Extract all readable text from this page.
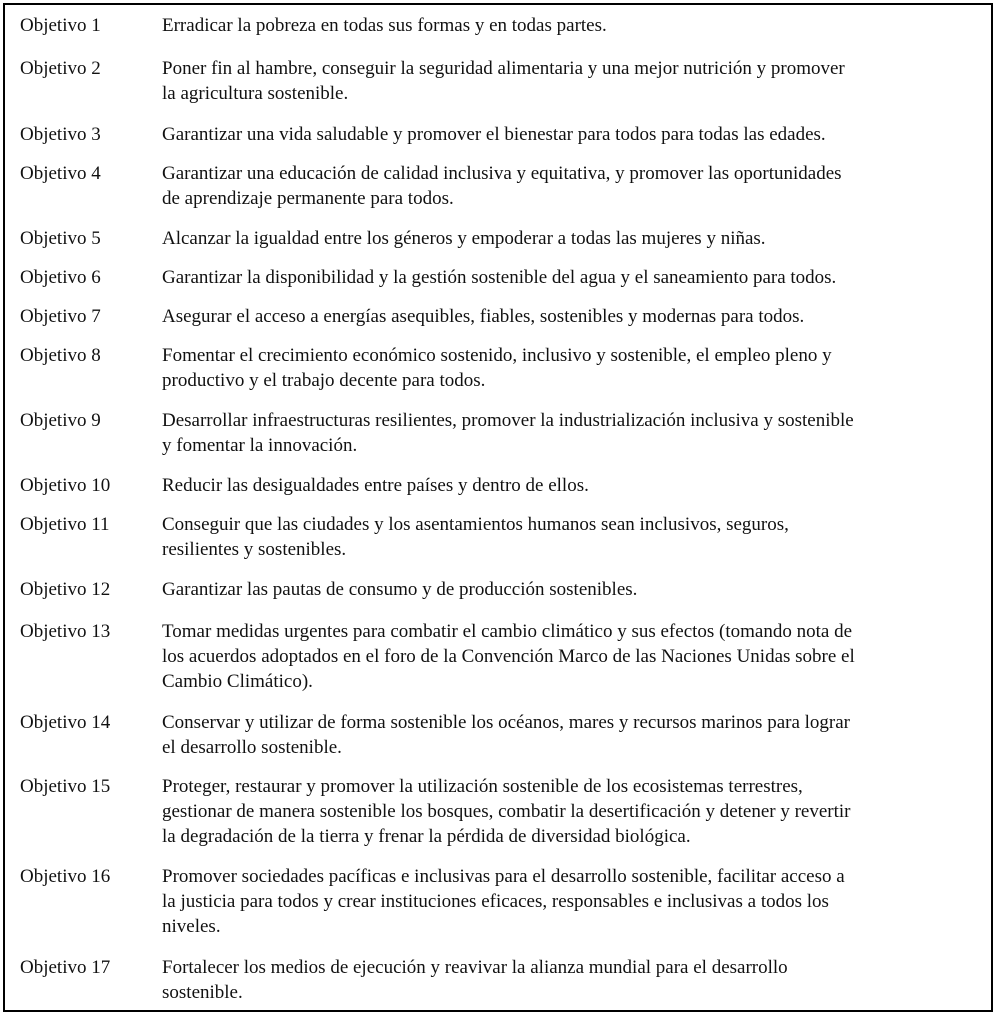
Objetivo 1	Erradicar la pobreza en todas sus formas y en todas partes.
Objetivo 2	Poner fin al hambre, conseguir la seguridad alimentaria y una mejor nutrición y promover
la agricultura sostenible.
Objetivo 3	Garantizar una vida saludable y promover el bienestar para todos para todas las edades.
Objetivo 4	Garantizar una educación de calidad inclusiva y equitativa, y promover las oportunidades
de aprendizaje permanente para todos.
Objetivo 5	Alcanzar la igualdad entre los géneros y empoderar a todas las mujeres y niñas.
Objetivo 6	Garantizar la disponibilidad y la gestión sostenible del agua y el saneamiento para todos.
Objetivo 7	Asegurar el acceso a energías asequibles, fiables, sostenibles y modernas para todos.
Objetivo 8	Fomentar el crecimiento económico sostenido, inclusivo y sostenible, el empleo pleno y
productivo y el trabajo decente para todos.
Objetivo 9	Desarrollar infraestructuras resilientes, promover la industrialización inclusiva y sostenible
y fomentar la innovación.
Objetivo 10	Reducir las desigualdades entre países y dentro de ellos.
Objetivo 11	Conseguir que las ciudades y los asentamientos humanos sean inclusivos, seguros,
resilientes y sostenibles.
Objetivo 12	Garantizar las pautas de consumo y de producción sostenibles.
Objetivo 13	Tomar medidas urgentes para combatir el cambio climático y sus efectos (tomando nota de
los acuerdos adoptados en el foro de la Convención Marco de las Naciones Unidas sobre el
Cambio Climático).
Objetivo 14	Conservar y utilizar de forma sostenible los océanos, mares y recursos marinos para lograr
el desarrollo sostenible.
Objetivo 15	Proteger, restaurar y promover la utilización sostenible de los ecosistemas terrestres,
gestionar de manera sostenible los bosques, combatir la desertificación y detener y revertir
la degradación de la tierra y frenar la pérdida de diversidad biológica.
Objetivo 16	Promover sociedades pacíficas e inclusivas para el desarrollo sostenible, facilitar acceso a
la justicia para todos y crear instituciones eficaces, responsables e inclusivas a todos los
niveles.
Objetivo 17	Fortalecer los medios de ejecución y reavivar la alianza mundial para el desarrollo
sostenible.
